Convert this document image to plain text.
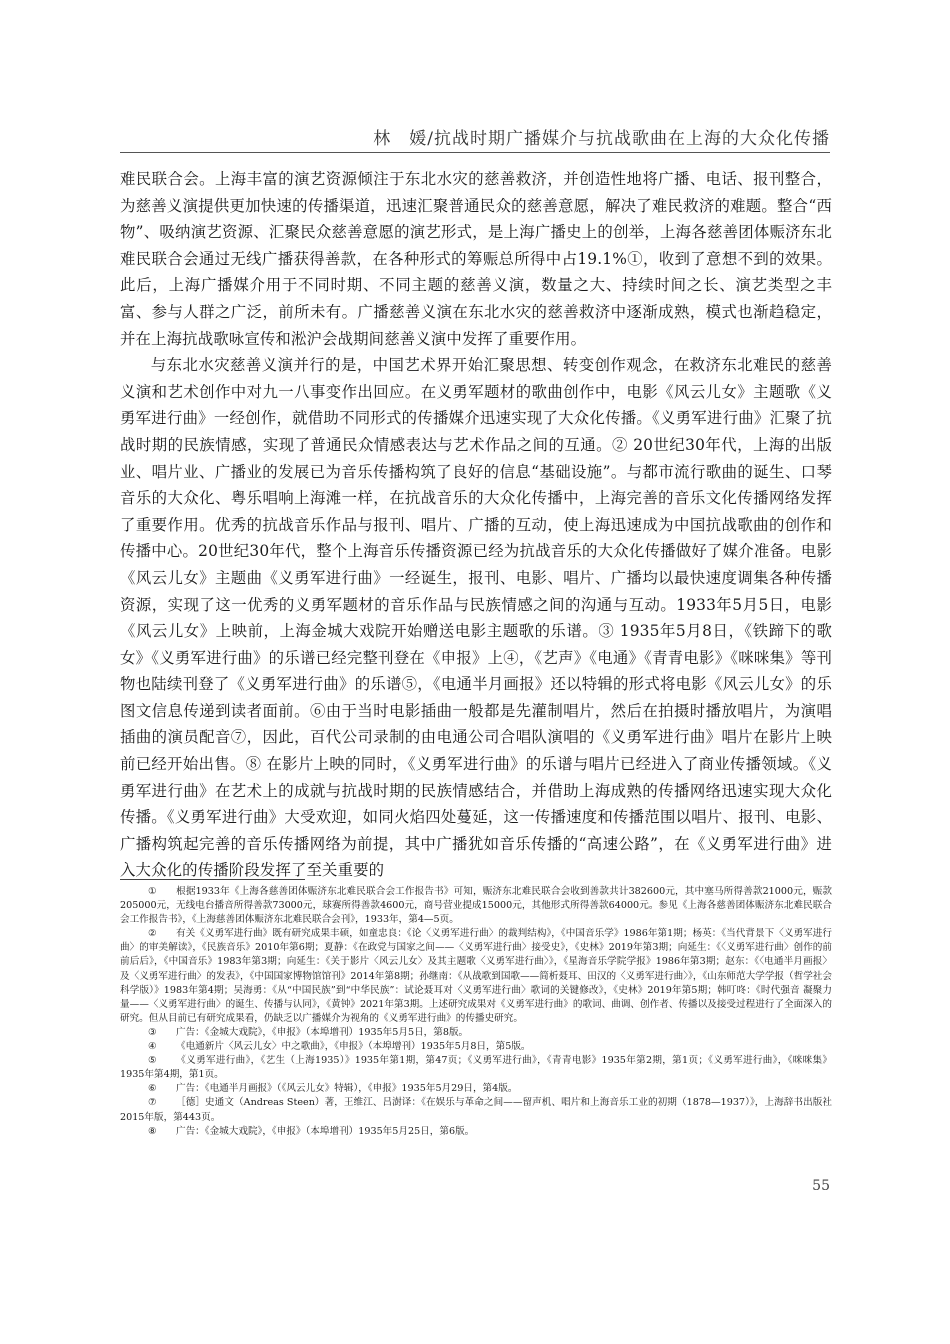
林　媛/抗战时期广播媒介与抗战歌曲在上海的大众化传播

难民联合会。上海丰富的演艺资源倾注于东北水灾的慈善救济，并创造性地将广播、电话、报刊整合，为慈善义演提供更加快速的传播渠道，迅速汇聚普通民众的慈善意愿，解决了难民救济的难题。整合“西物”、吸纳演艺资源、汇聚民众慈善意愿的演艺形式，是上海广播史上的创举，上海各慈善团体赈济东北难民联合会通过无线广播获得善款，在各种形式的筹赈总所得中占19.1%①，收到了意想不到的效果。此后，上海广播媒介用于不同时期、不同主题的慈善义演，数量之大、持续时间之长、演艺类型之丰富、参与人群之广泛，前所未有。广播慈善义演在东北水灾的慈善救济中逐渐成熟，模式也渐趋稳定，并在上海抗战歌咏宣传和淞沪会战期间慈善义演中发挥了重要作用。

与东北水灾慈善义演并行的是，中国艺术界开始汇聚思想、转变创作观念，在救济东北难民的慈善义演和艺术创作中对九一八事变作出回应。在义勇军题材的歌曲创作中，电影《风云儿女》主题歌《义勇军进行曲》一经创作，就借助不同形式的传播媒介迅速实现了大众化传播。《义勇军进行曲》汇聚了抗战时期的民族情感，实现了普通民众情感表达与艺术作品之间的互通。② 20世纪30年代，上海的出版业、唱片业、广播业的发展已为音乐传播构筑了良好的信息“基础设施”。与都市流行歌曲的诞生、口琴音乐的大众化、粤乐唱响上海滩一样，在抗战音乐的大众化传播中，上海完善的音乐文化传播网络发挥了重要作用。优秀的抗战音乐作品与报刊、唱片、广播的互动，使上海迅速成为中国抗战歌曲的创作和传播中心。20世纪30年代，整个上海音乐传播资源已经为抗战音乐的大众化传播做好了媒介准备。电影《风云儿女》主题曲《义勇军进行曲》一经诞生，报刊、电影、唱片、广播均以最快速度调集各种传播资源，实现了这一优秀的义勇军题材的音乐作品与民族情感之间的沟通与互动。1933年5月5日，电影《风云儿女》上映前，上海金城大戏院开始赠送电影主题歌的乐谱。③ 1935年5月8日，《铁蹄下的歌女》《义勇军进行曲》的乐谱已经完整刊登在《申报》上④，《艺声》《电通》《青青电影》《咪咪集》等刊物也陆续刊登了《义勇军进行曲》的乐谱⑤，《电通半月画报》还以特辑的形式将电影《风云儿女》的乐图文信息传递到读者面前。⑥由于当时电影插曲一般都是先灌制唱片，然后在拍摄时播放唱片，为演唱插曲的演员配音⑦，因此，百代公司录制的由电通公司合唱队演唱的《义勇军进行曲》唱片在影片上映前已经开始出售。⑧ 在影片上映的同时，《义勇军进行曲》的乐谱与唱片已经进入了商业传播领域。《义勇军进行曲》在艺术上的成就与抗战时期的民族情感结合，并借助上海成熟的传播网络迅速实现大众化传播。《义勇军进行曲》大受欢迎，如同火焰四处蔓延，这一传播速度和传播范围以唱片、报刊、电影、广播构筑起完善的音乐传播网络为前提，其中广播犹如音乐传播的“高速公路”，在《义勇军进行曲》进入大众化的传播阶段发挥了至关重要的

① 根据1933年《上海各慈善团体赈济东北难民联合会工作报告书》可知，赈济东北难民联合会收到善款共计382600元，其中塞马所得善款21000元，赈款205000元，无线电台播音所得善款73000元，球赛所得善款4600元，商号营业提成15000元，其他形式所得善款64000元。参见《上海各慈善团体赈济东北难民联合会工作报告书》，《上海慈善团体赈济东北难民联合会刊》，1933年，第4—5页。

② 有关《义勇军进行曲》既有研究成果丰硕，如童忠良：《论〈义勇军进行曲〉的裁判结构》，《中国音乐学》1986年第1期；杨英：《当代背景下〈义勇军进行曲〉的审美解读》，《民族音乐》2010年第6期；夏静：《在政党与国家之间——〈义勇军进行曲〉接受史》，《史林》2019年第3期；向延生：《〈义勇军进行曲〉创作的前前后后》，《中国音乐》1983年第3期；向延生：《关于影片〈风云儿女〉及其主题歌〈义勇军进行曲〉》，《星海音乐学院学报》1986年第3期；赵东：《〈电通半月画报〉及〈义勇军进行曲〉的发表》，《中国国家博物馆馆刊》2014年第8期；孙继南：《从战歌到国歌——简析聂耳、田汉的〈义勇军进行曲〉》，《山东师范大学学报（哲学社会科学版）》1983年第4期；吴海勇：《从“中国民族”到“中华民族”：试论聂耳对〈义勇军进行曲〉歌词的关键修改》，《史林》2019年第5期；韩叮咚：《时代强音 凝聚力量——〈义勇军进行曲〉的诞生、传播与认同》，《黄钟》2021年第3期。上述研究成果对《义勇军进行曲》的歌词、曲调、创作者、传播以及接受过程进行了全面深入的研究。但从目前已有研究成果看，仍缺乏以广播媒介为视角的《义勇军进行曲》的传播史研究。

③ 广告：《金城大戏院》，《申报》（本埠增刊）1935年5月5日，第8版。

④ 《电通新片〈风云儿女〉中之歌曲》，《申报》（本埠增刊）1935年5月8日，第5版。

⑤ 《义勇军进行曲》，《艺生（上海1935）》1935年第1期，第47页；《义勇军进行曲》，《青青电影》1935年第2期，第1页；《义勇军进行曲》，《咪咪集》1935年第4期，第1页。

⑥ 广告：《电通半月画报》（《风云儿女》特辑），《申报》1935年5月29日，第4版。

⑦ ［德］史通文（Andreas Steen）著，王维江、吕澍译：《在娱乐与革命之间——留声机、唱片和上海音乐工业的初期（1878—1937）》，上海辞书出版社2015年版，第443页。

⑧ 广告：《金城大戏院》，《申报》（本埠增刊）1935年5月25日，第6版。

55
